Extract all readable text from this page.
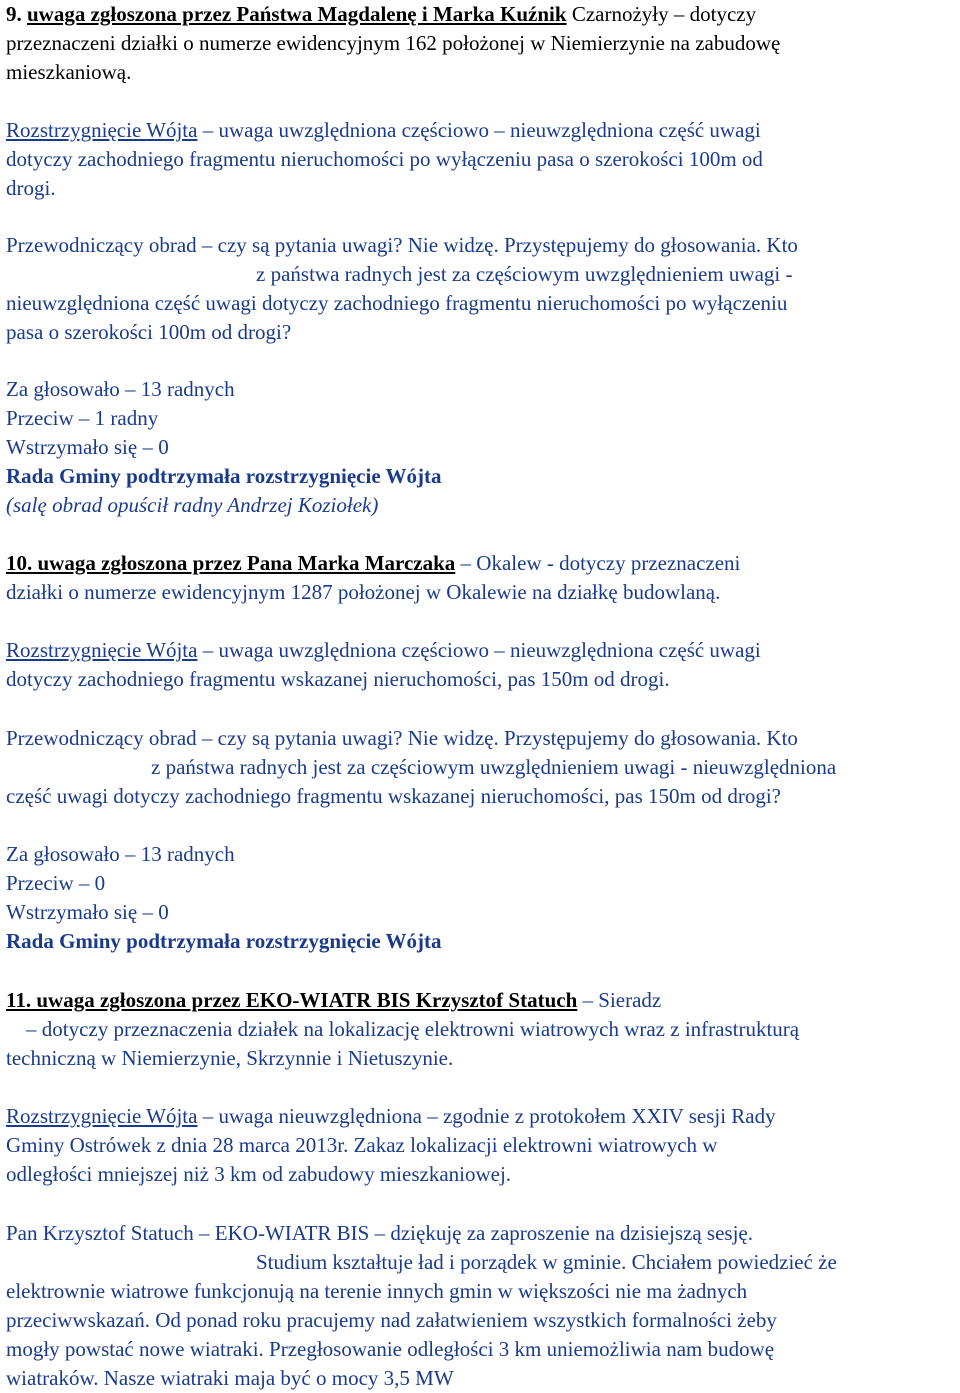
9. uwaga zgłoszona przez Państwa Magdalenę i Marka Kuźnik Czarnożyły – dotyczy
przeznaczeni działki o numerze ewidencyjnym 162 położonej w Niemierzynie na zabudowę
mieszkaniową.
Rozstrzygnięcie Wójta – uwaga uwzględniona częściowo – nieuwzględniona część uwagi
dotyczy zachodniego fragmentu nieruchomości po wyłączeniu pasa o szerokości 100m od
drogi.
Przewodniczący obrad – czy są pytania uwagi? Nie widzę. Przystępujemy do głosowania. Kto
z państwa radnych jest za częściowym uwzględnieniem uwagi -
nieuwzględniona część uwagi dotyczy zachodniego fragmentu nieruchomości po wyłączeniu
pasa o szerokości 100m od drogi?
Za głosowało – 13 radnych
Przeciw – 1 radny
Wstrzymało się – 0
Rada Gminy podtrzymała rozstrzygnięcie Wójta
(salę obrad opuścił radny Andrzej Koziołek)
10. uwaga zgłoszona przez Pana Marka Marczaka – Okalew - dotyczy przeznaczeni
działki o numerze ewidencyjnym 1287 położonej w Okalewie na działkę budowlaną.
Rozstrzygnięcie Wójta – uwaga uwzględniona częściowo – nieuwzględniona część uwagi
dotyczy zachodniego fragmentu wskazanej nieruchomości, pas 150m od drogi.
Przewodniczący obrad – czy są pytania uwagi? Nie widzę. Przystępujemy do głosowania. Kto
z państwa radnych jest za częściowym uwzględnieniem uwagi - nieuwzględniona
część uwagi dotyczy zachodniego fragmentu wskazanej nieruchomości, pas 150m od drogi?
Za głosowało – 13 radnych
Przeciw – 0
Wstrzymało się – 0
Rada Gminy podtrzymała rozstrzygnięcie Wójta
11. uwaga zgłoszona przez EKO-WIATR BIS Krzysztof Statuch – Sieradz
– dotyczy przeznaczenia działek na lokalizację elektrowni wiatrowych wraz z infrastrukturą
techniczną w Niemierzynie, Skrzynnie i Nietuszynie.
Rozstrzygnięcie Wójta – uwaga nieuwzględniona – zgodnie z protokołem XXIV sesji Rady
Gminy Ostrówek z dnia 28 marca 2013r. Zakaz lokalizacji elektrowni wiatrowych w
odległości mniejszej niż 3 km od zabudowy mieszkaniowej.
Pan Krzysztof Statuch – EKO-WIATR BIS – dziękuję za zaproszenie na dzisiejszą sesję.
Studium kształtuje ład i porządek w gminie. Chciałem powiedzieć że
elektrownie wiatrowe funkcjonują na terenie innych gmin w większości nie ma żadnych
przeciwwskazań. Od ponad roku pracujemy nad załatwieniem wszystkich formalności żeby
mogły powstać nowe wiatraki. Przegłosowanie odległości 3 km uniemożliwia nam budowę
wiatraków. Nasze wiatraki maja być o mocy 3,5 MW
